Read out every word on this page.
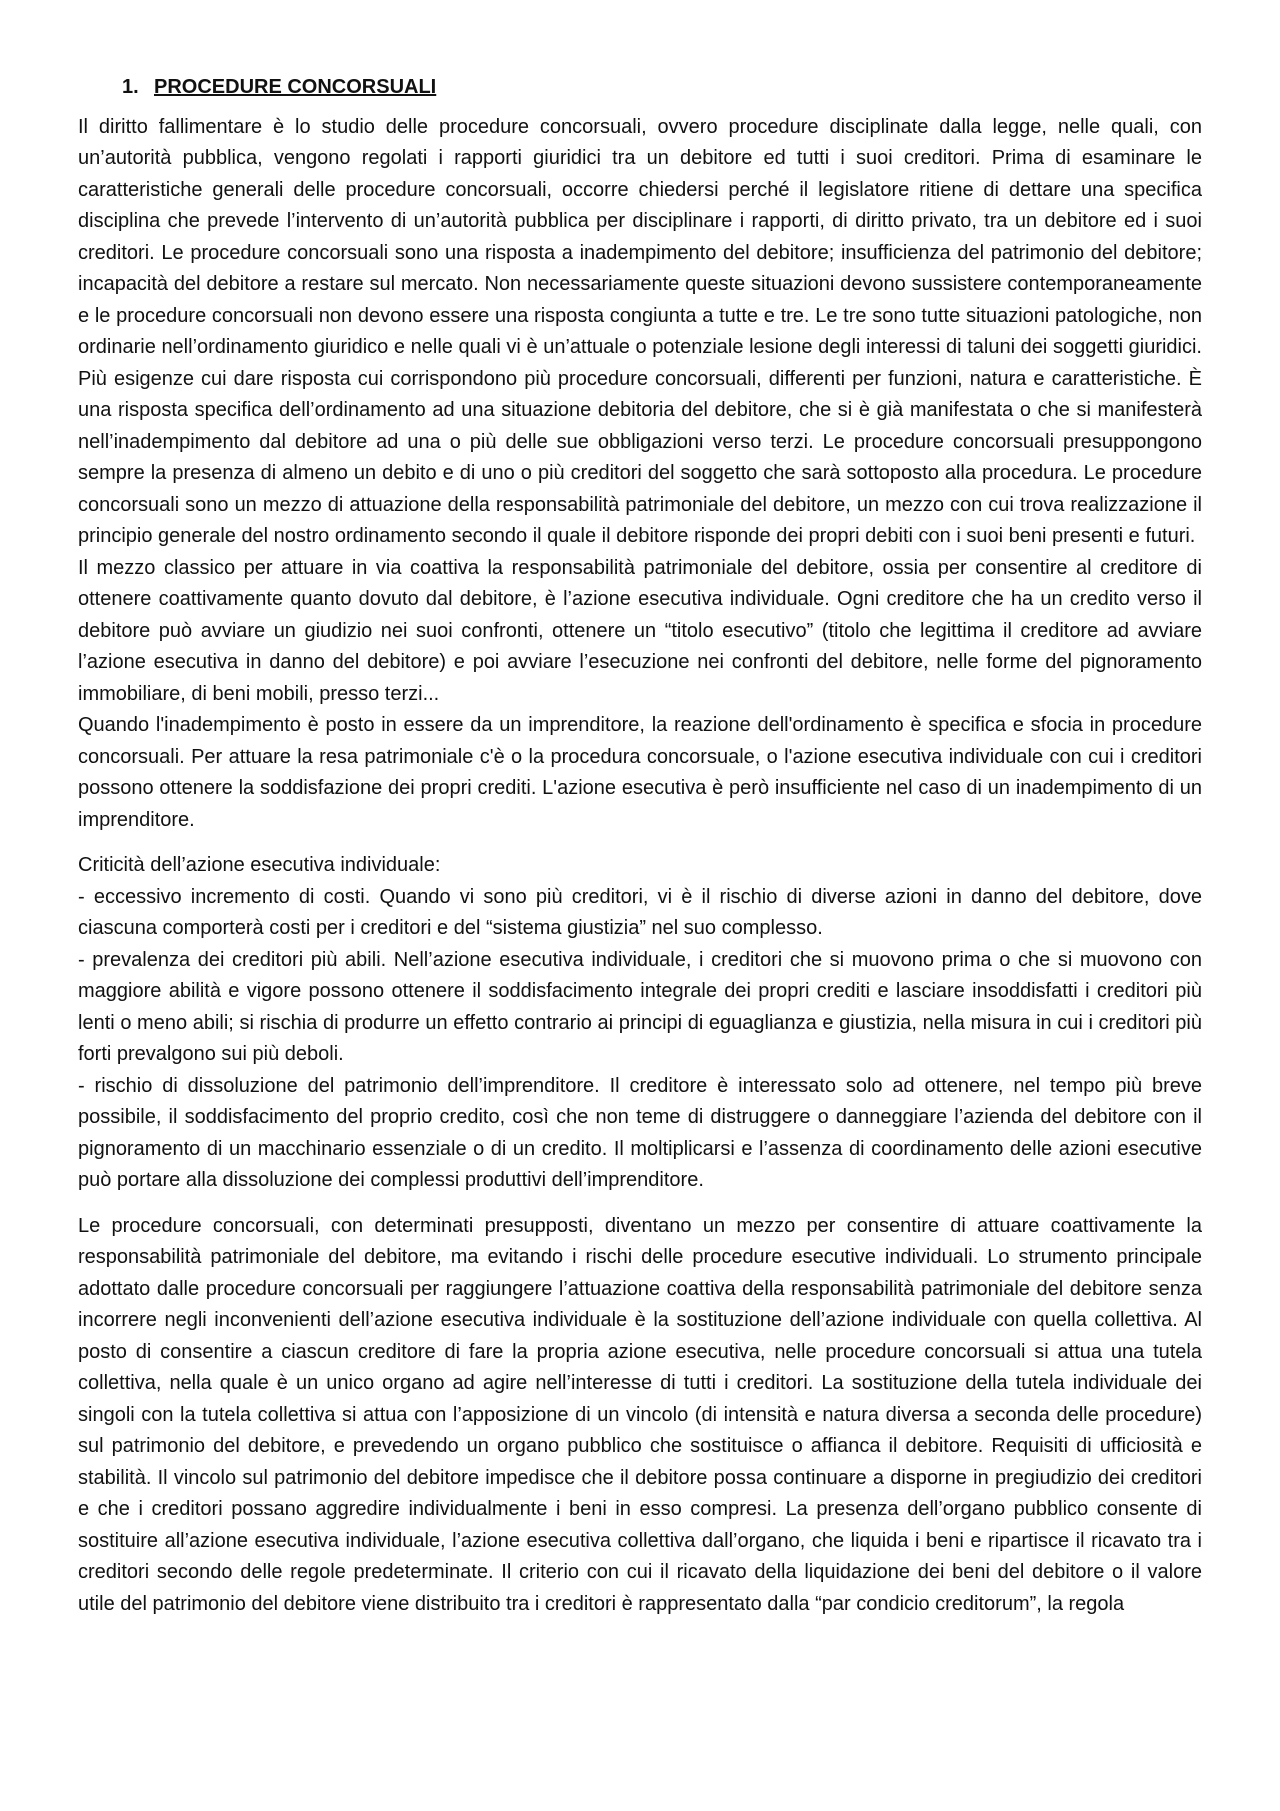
1. PROCEDURE CONCORSUALI

Il diritto fallimentare è lo studio delle procedure concorsuali, ovvero procedure disciplinate dalla legge, nelle quali, con un’autorità pubblica, vengono regolati i rapporti giuridici tra un debitore ed tutti i suoi creditori. Prima di esaminare le caratteristiche generali delle procedure concorsuali, occorre chiedersi perché il legislatore ritiene di dettare una specifica disciplina che prevede l’intervento di un’autorità pubblica per disciplinare i rapporti, di diritto privato, tra un debitore ed i suoi creditori. Le procedure concorsuali sono una risposta a inadempimento del debitore; insufficienza del patrimonio del debitore; incapacità del debitore a restare sul mercato. Non necessariamente queste situazioni devono sussistere contemporaneamente e le procedure concorsuali non devono essere una risposta congiunta a tutte e tre. Le tre sono tutte situazioni patologiche, non ordinarie nell’ordinamento giuridico e nelle quali vi è un’attuale o potenziale lesione degli interessi di taluni dei soggetti giuridici. Più esigenze cui dare risposta cui corrispondono più procedure concorsuali, differenti per funzioni, natura e caratteristiche. È una risposta specifica dell’ordinamento ad una situazione debitoria del debitore, che si è già manifestata o che si manifesterà nell’inadempimento dal debitore ad una o più delle sue obbligazioni verso terzi. Le procedure concorsuali presuppongono sempre la presenza di almeno un debito e di uno o più creditori del soggetto che sarà sottoposto alla procedura. Le procedure concorsuali sono un mezzo di attuazione della responsabilità patrimoniale del debitore, un mezzo con cui trova realizzazione il principio generale del nostro ordinamento secondo il quale il debitore risponde dei propri debiti con i suoi beni presenti e futuri.

Il mezzo classico per attuare in via coattiva la responsabilità patrimoniale del debitore, ossia per consentire al creditore di ottenere coattivamente quanto dovuto dal debitore, è l’azione esecutiva individuale. Ogni creditore che ha un credito verso il debitore può avviare un giudizio nei suoi confronti, ottenere un “titolo esecutivo” (titolo che legittima il creditore ad avviare l’azione esecutiva in danno del debitore) e poi avviare l’esecuzione nei confronti del debitore, nelle forme del pignoramento immobiliare, di beni mobili, presso terzi...

Quando l'inadempimento è posto in essere da un imprenditore, la reazione dell'ordinamento è specifica e sfocia in procedure concorsuali. Per attuare la resa patrimoniale c'è o la procedura concorsuale, o l'azione esecutiva individuale con cui i creditori possono ottenere la soddisfazione dei propri crediti. L'azione esecutiva è però insufficiente nel caso di un inadempimento di un imprenditore.

Criticità dell’azione esecutiva individuale:

- eccessivo incremento di costi. Quando vi sono più creditori, vi è il rischio di diverse azioni in danno del debitore, dove ciascuna comporterà costi per i creditori e del “sistema giustizia” nel suo complesso.

- prevalenza dei creditori più abili. Nell’azione esecutiva individuale, i creditori che si muovono prima o che si muovono con maggiore abilità e vigore possono ottenere il soddisfacimento integrale dei propri crediti e lasciare insoddisfatti i creditori più lenti o meno abili; si rischia di produrre un effetto contrario ai principi di eguaglianza e giustizia, nella misura in cui i creditori più forti prevalgono sui più deboli.

- rischio di dissoluzione del patrimonio dell’imprenditore. Il creditore è interessato solo ad ottenere, nel tempo più breve possibile, il soddisfacimento del proprio credito, così che non teme di distruggere o danneggiare l’azienda del debitore con il pignoramento di un macchinario essenziale o di un credito. Il moltiplicarsi e l’assenza di coordinamento delle azioni esecutive può portare alla dissoluzione dei complessi produttivi dell’imprenditore.

Le procedure concorsuali, con determinati presupposti, diventano un mezzo per consentire di attuare coattivamente la responsabilità patrimoniale del debitore, ma evitando i rischi delle procedure esecutive individuali. Lo strumento principale adottato dalle procedure concorsuali per raggiungere l’attuazione coattiva della responsabilità patrimoniale del debitore senza incorrere negli inconvenienti dell’azione esecutiva individuale è la sostituzione dell’azione individuale con quella collettiva. Al posto di consentire a ciascun creditore di fare la propria azione esecutiva, nelle procedure concorsuali si attua una tutela collettiva, nella quale è un unico organo ad agire nell’interesse di tutti i creditori. La sostituzione della tutela individuale dei singoli con la tutela collettiva si attua con l’apposizione di un vincolo (di intensità e natura diversa a seconda delle procedure) sul patrimonio del debitore, e prevedendo un organo pubblico che sostituisce o affianca il debitore. Requisiti di ufficiosità e stabilità. Il vincolo sul patrimonio del debitore impedisce che il debitore possa continuare a disporne in pregiudizio dei creditori e che i creditori possano aggredire individualmente i beni in esso compresi. La presenza dell’organo pubblico consente di sostituire all’azione esecutiva individuale, l’azione esecutiva collettiva dall’organo, che liquida i beni e ripartisce il ricavato tra i creditori secondo delle regole predeterminate. Il criterio con cui il ricavato della liquidazione dei beni del debitore o il valore utile del patrimonio del debitore viene distribuito tra i creditori è rappresentato dalla “par condicio creditorum”, la regola
